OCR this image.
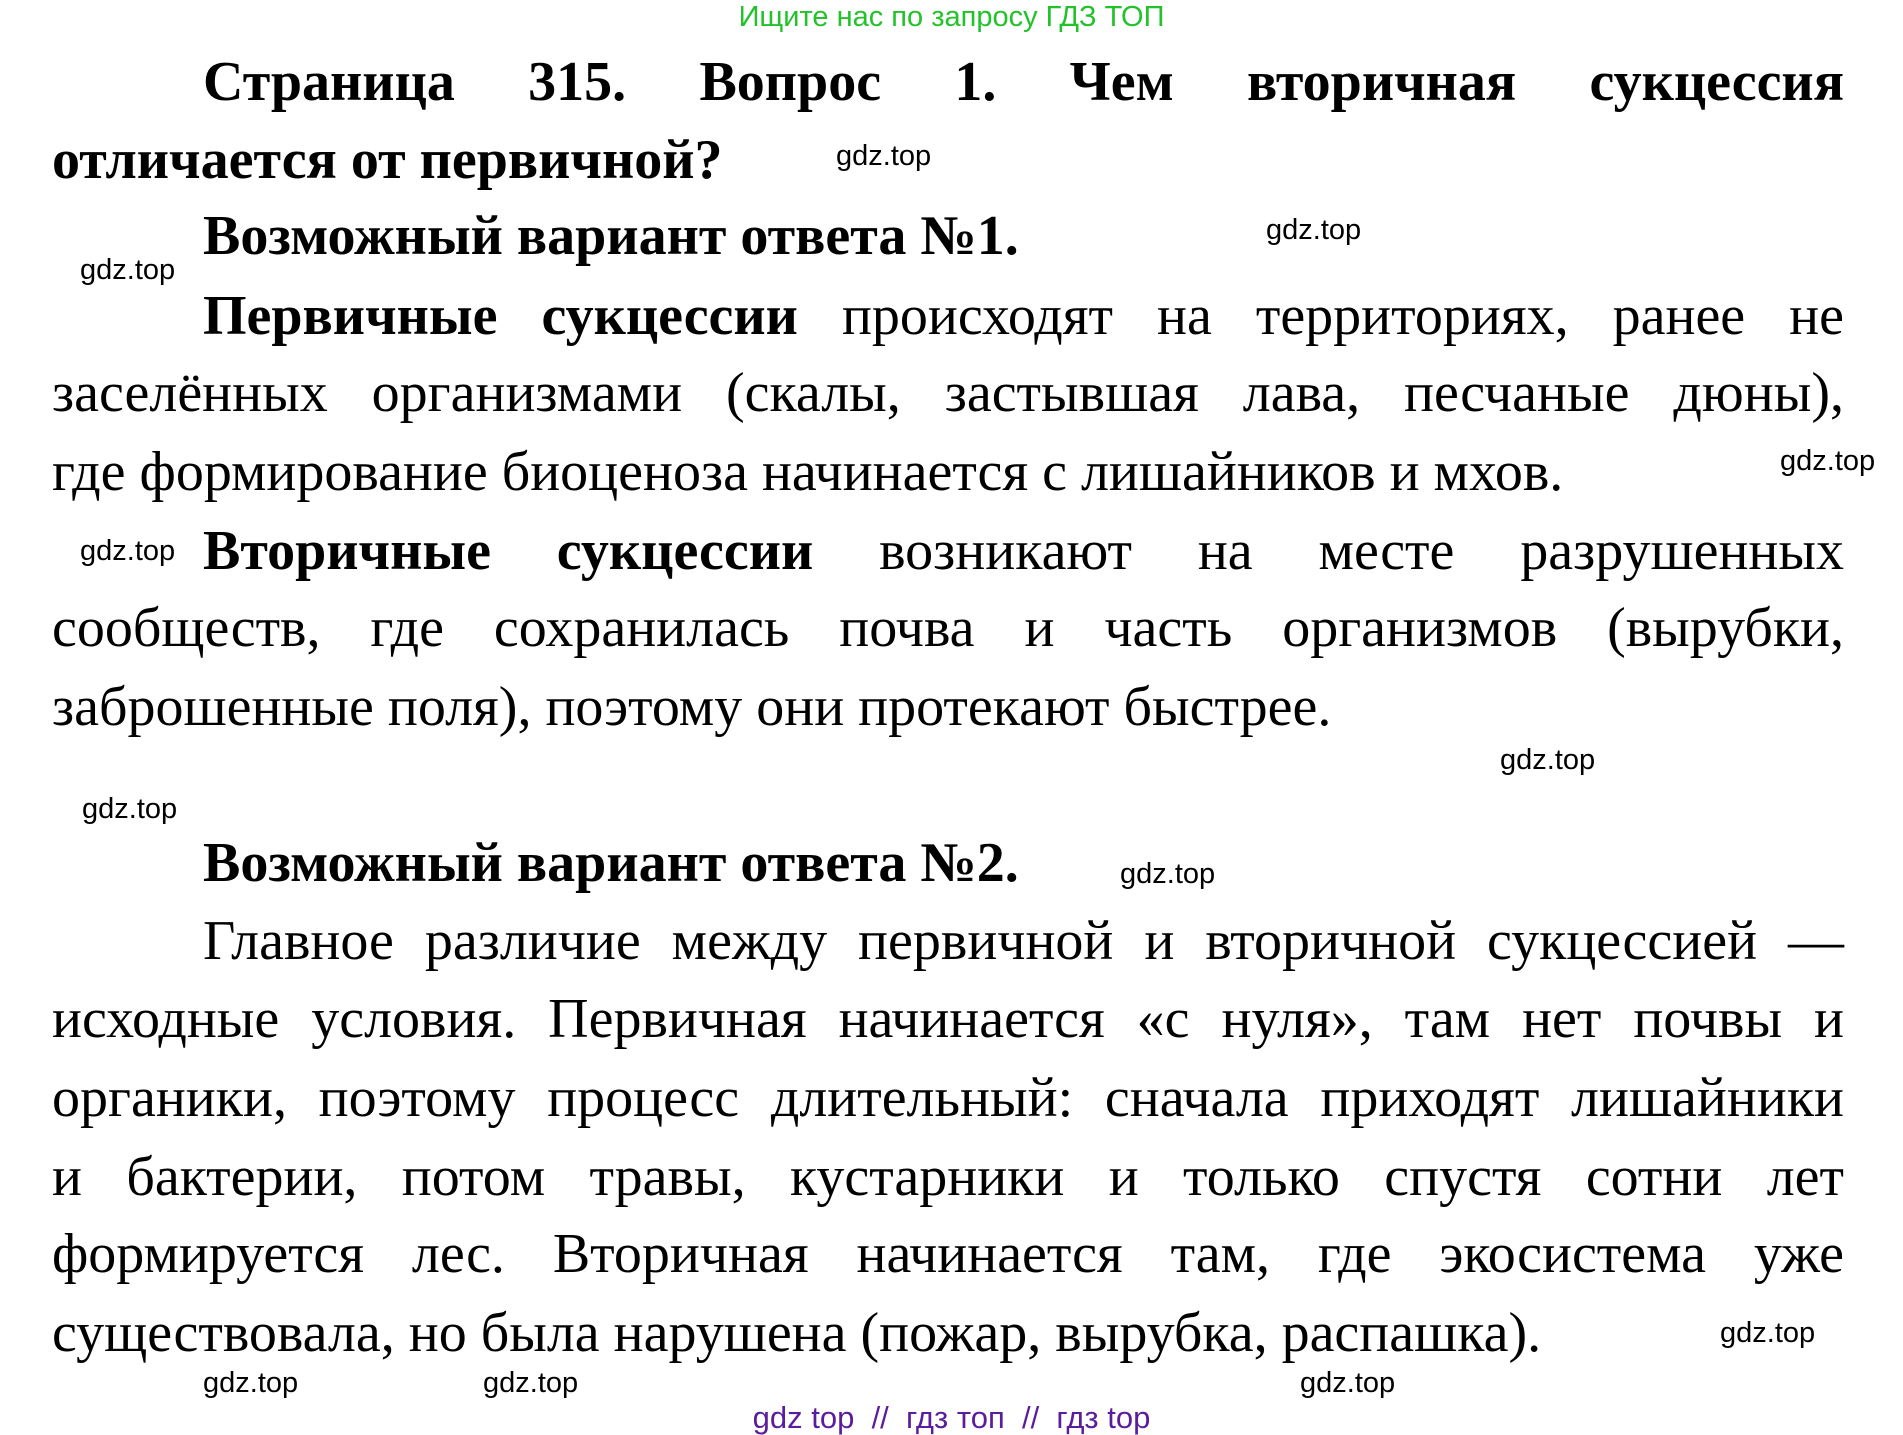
Ищите нас по запросу ГДЗ ТОП
Страница 315. Вопрос 1. Чем вторичная сукцессия
отличается от первичной?
Возможный вариант ответа №1.
Первичные сукцессии происходят на территориях, ранее не
заселённых организмами (скалы, застывшая лава, песчаные дюны),
где формирование биоценоза начинается с лишайников и мхов.
Вторичные сукцессии возникают на месте разрушенных
сообществ, где сохранилась почва и часть организмов (вырубки,
заброшенные поля), поэтому они протекают быстрее.
Возможный вариант ответа №2.
Главное различие между первичной и вторичной сукцессией —
исходные условия. Первичная начинается «с нуля», там нет почвы и
органики, поэтому процесс длительный: сначала приходят лишайники
и бактерии, потом травы, кустарники и только спустя сотни лет
формируется лес. Вторичная начинается там, где экосистема уже
существовала, но была нарушена (пожар, вырубка, распашка).
gdz.top
gdz.top
gdz.top
gdz.top
gdz.top
gdz.top
gdz.top
gdz.top
gdz.top
gdz.top
gdz.top
gdz.top
gdz top  //  гдз топ  //  гдз top
